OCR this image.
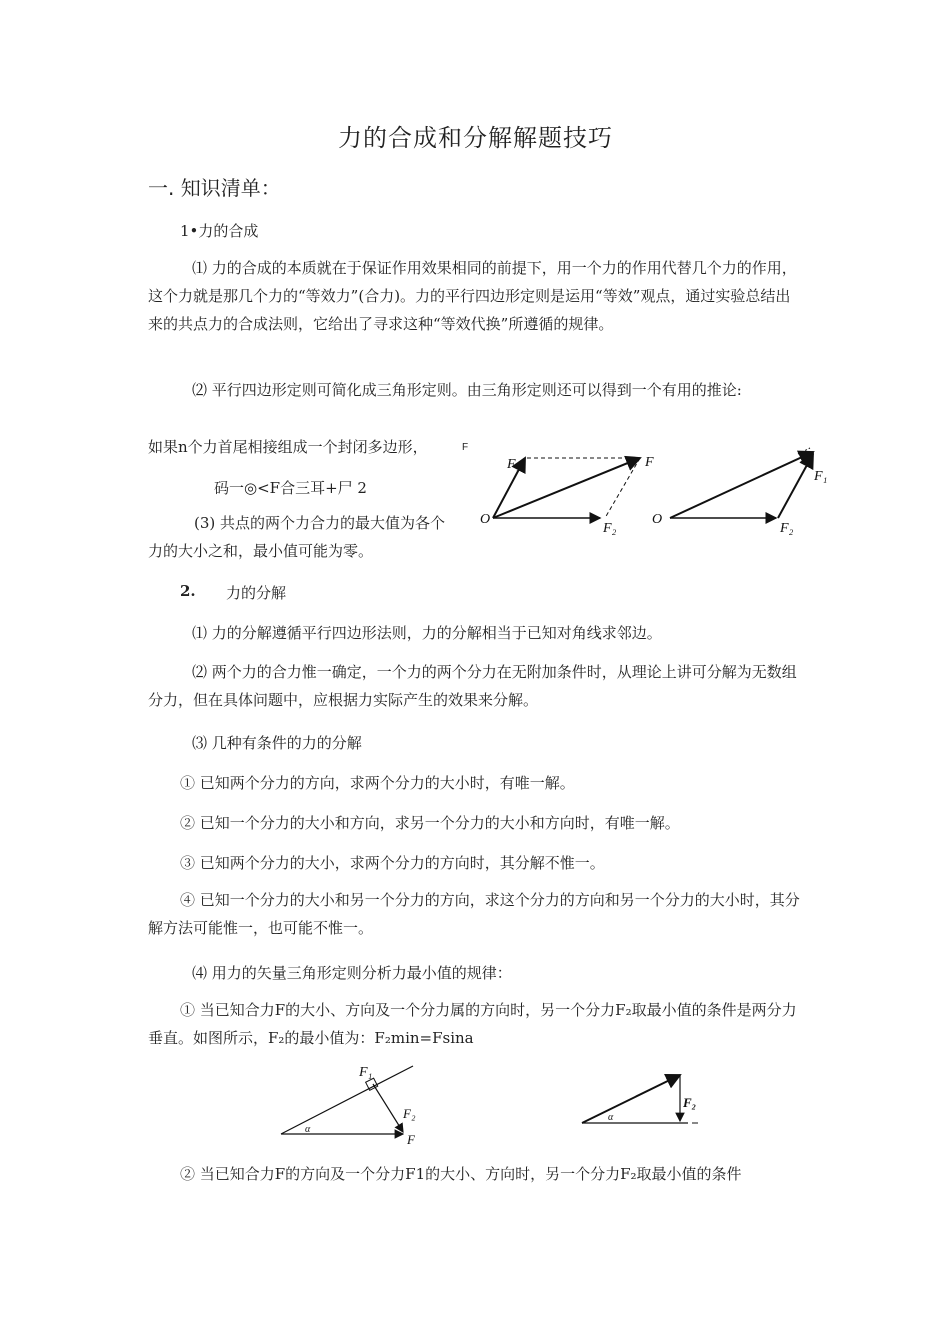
力的合成和分解解题技巧
一. 知识清单：
1•力的合成
⑴ 力的合成的本质就在于保证作用效果相同的前提下，用一个力的作用代替几个力的作用，这个力就是那几个力的“等效力”(合力)。力的平行四边形定则是运用“等效”观点，通过实验总结出来的共点力的合成法则，它给出了寻求这种“等效代换”所遵循的规律。
⑵ 平行四边形定则可简化成三角形定则。由三角形定则还可以得到一个有用的推论:
如果n个力首尾相接组成一个封闭多边形，	F
码一◎<F合三耳+尸 2
(3) 共点的两个力合力的最大值为各个
力的大小之和，最小值可能为零。
O
F₁	F
F₂
O
F₁
F₂
2. 力的分解
⑴ 力的分解遵循平行四边形法则，力的分解相当于已知对角线求邻边。
⑵ 两个力的合力惟一确定，一个力的两个分力在无附加条件时，从理论上讲可分解为无数组分力，但在具体问题中，应根据力实际产生的效果来分解。
⑶ 几种有条件的力的分解
① 已知两个分力的方向，求两个分力的大小时，有唯一解。
② 已知一个分力的大小和方向，求另一个分力的大小和方向时，有唯一解。
③ 已知两个分力的大小，求两个分力的方向时，其分解不惟一。
④ 已知一个分力的大小和另一个分力的方向，求这个分力的方向和另一个分力的大小时，其分解方法可能惟一，也可能不惟一。
⑷ 用力的矢量三角形定则分析力最小值的规律：
① 当已知合力F的大小、方向及一个分力属的方向时，另一个分力F₂取最小值的条件是两分力垂直。如图所示，F₂的最小值为：F₂min=Fsina
α
F₁
F₂
F
α
F₂
② 当已知合力F的方向及一个分力F1的大小、方向时，另一个分力F₂取最小值的条件
